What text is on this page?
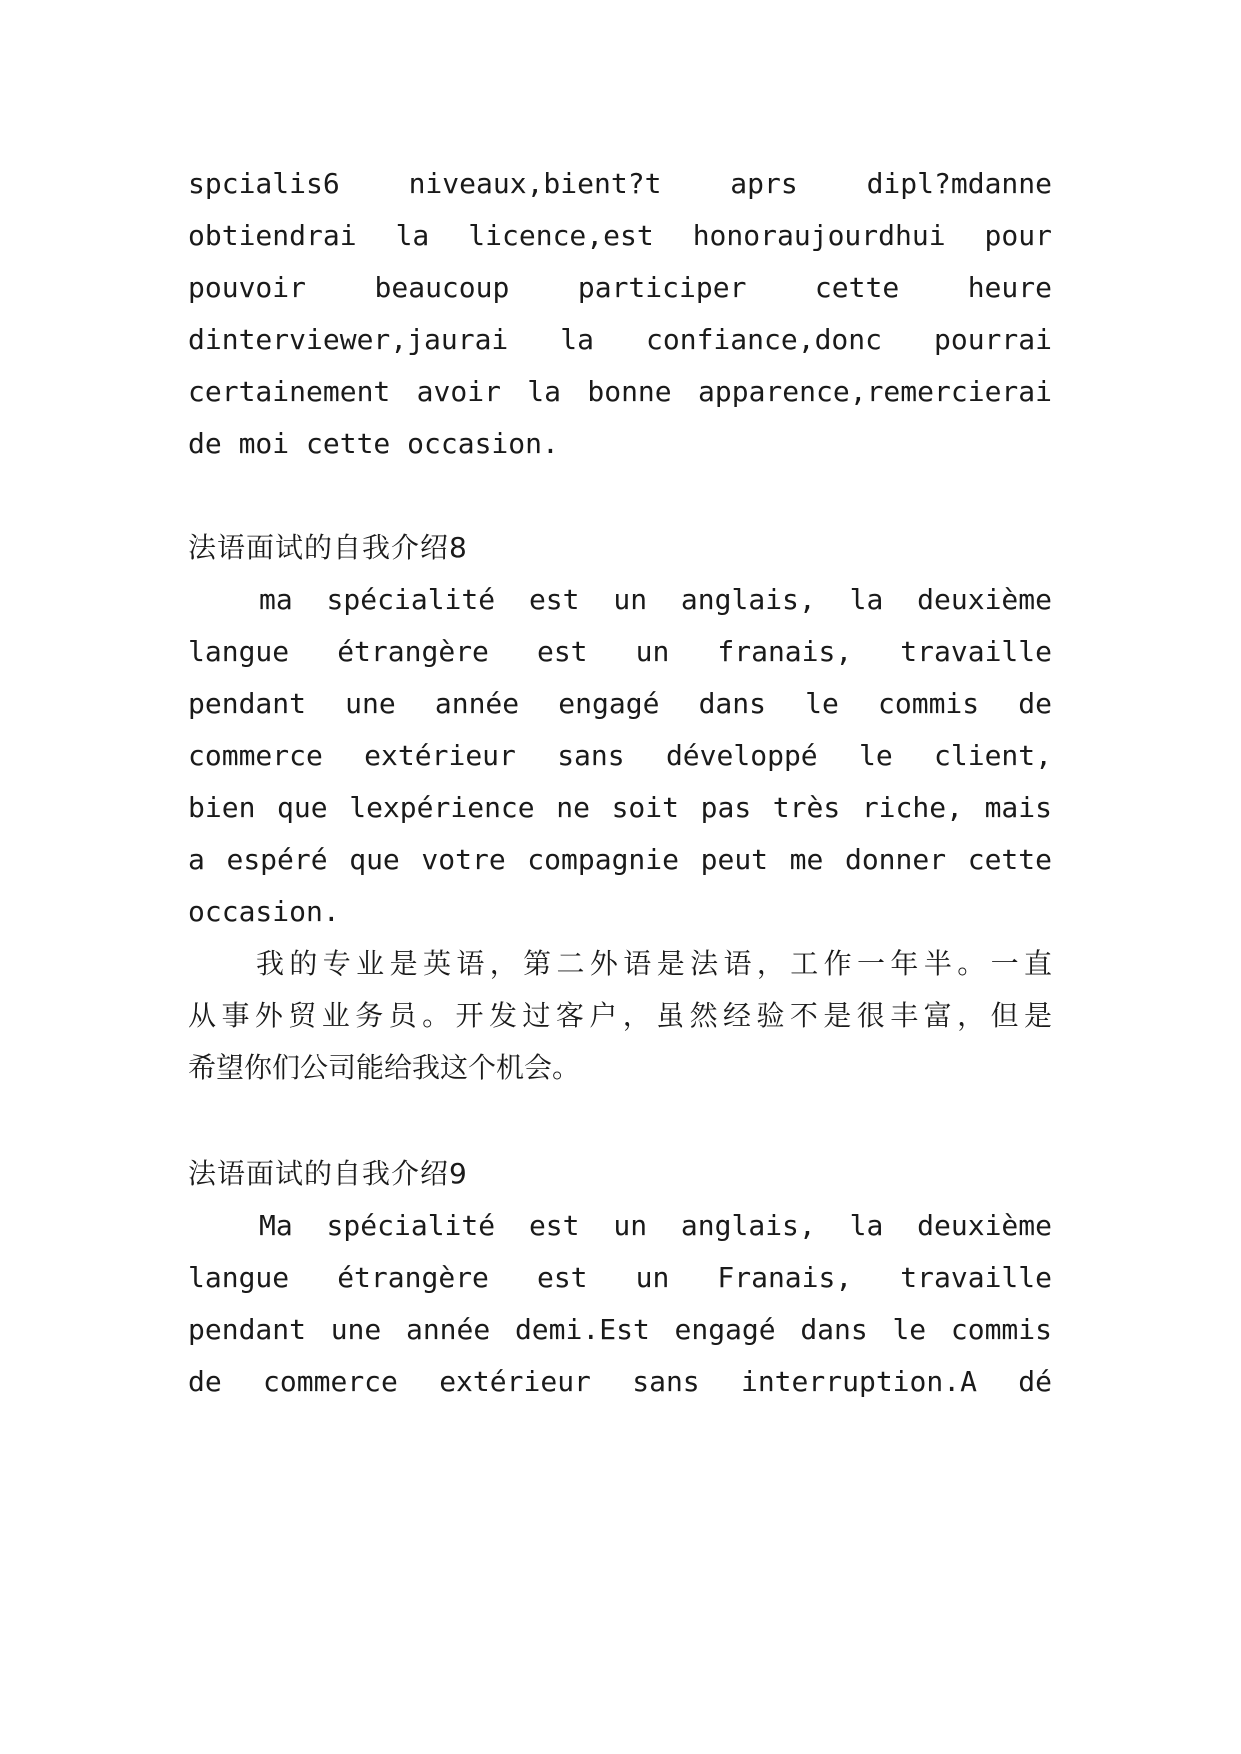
spcialis6 niveaux,bient?t aprs dipl?mdanne
obtiendrai la licence,est honoraujourdhui pour
pouvoir beaucoup participer cette heure
dinterviewer,jaurai la confiance,donc pourrai
certainement avoir la bonne apparence,remercierai
de moi cette occasion.
法语面试的自我介绍8
ma spécialité est un anglais, la deuxième
langue étrangère est un franais, travaille
pendant une année engagé dans le commis de
commerce extérieur sans développé le client,
bien que lexpérience ne soit pas très riche, mais
a espéré que votre compagnie peut me donner cette
occasion.
我的专业是英语，第二外语是法语，工作一年半。一直
从事外贸业务员。开发过客户，虽然经验不是很丰富，但是
希望你们公司能给我这个机会。
法语面试的自我介绍9
Ma spécialité est un anglais, la deuxième
langue étrangère est un Franais, travaille
pendant une année demi.Est engagé dans le commis
de commerce extérieur sans interruption.A dé
